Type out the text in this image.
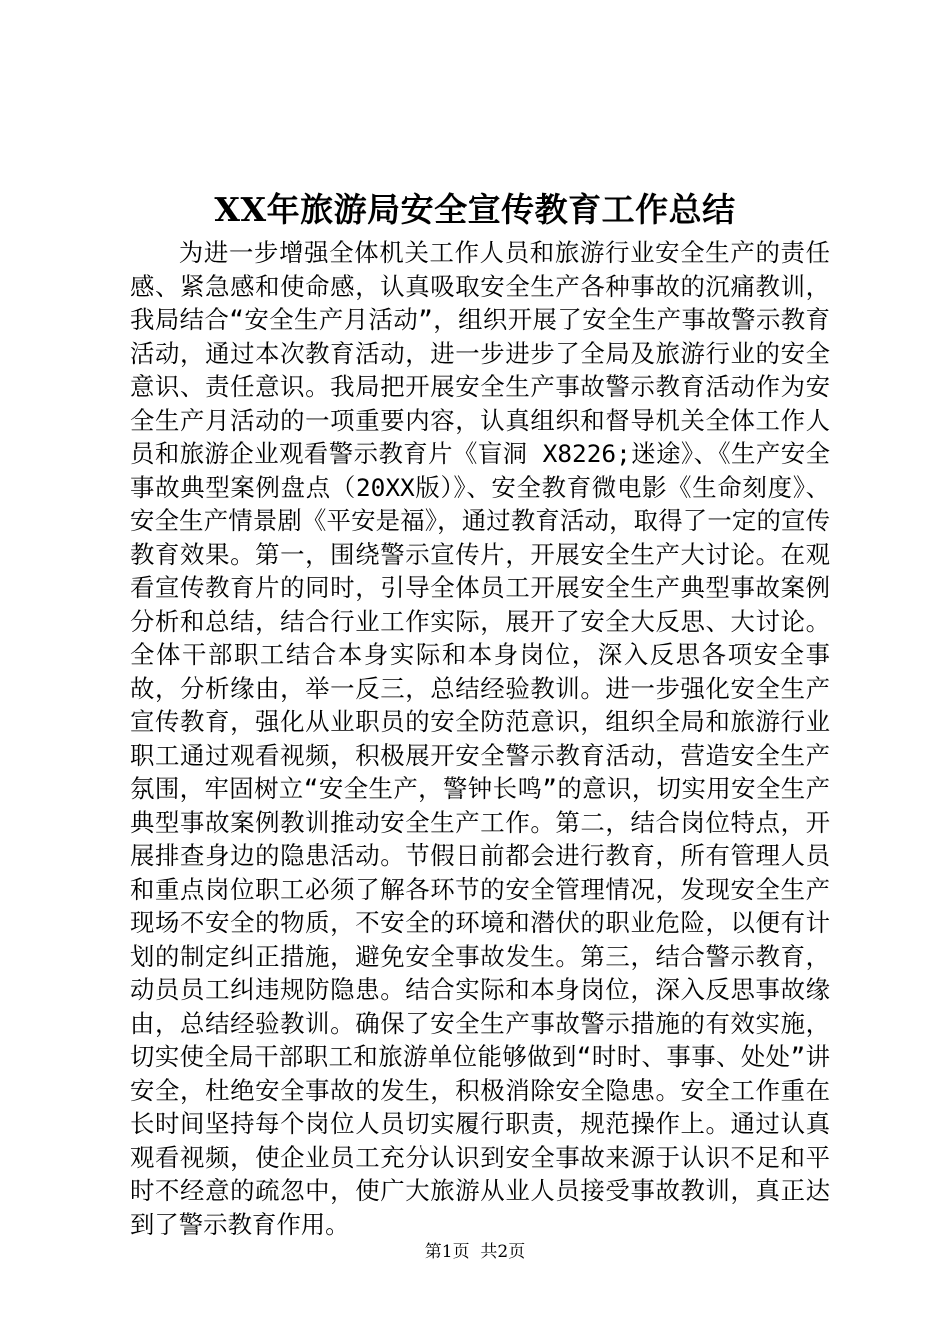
XX年旅游局安全宣传教育工作总结

为进一步增强全体机关工作人员和旅游行业安全生产的责任感、紧急感和使命感，认真吸取安全生产各种事故的沉痛教训，我局结合“安全生产月活动”，组织开展了安全生产事故警示教育活动，通过本次教育活动，进一步进步了全局及旅游行业的安全意识、责任意识。我局把开展安全生产事故警示教育活动作为安全生产月活动的一项重要内容，认真组织和督导机关全体工作人员和旅游企业观看警示教育片《盲洞 X8226;迷途》、《生产安全事故典型案例盘点（20XX版）》、安全教育微电影《生命刻度》、安全生产情景剧《平安是福》，通过教育活动，取得了一定的宣传教育效果。第一，围绕警示宣传片，开展安全生产大讨论。在观看宣传教育片的同时，引导全体员工开展安全生产典型事故案例分析和总结，结合行业工作实际，展开了安全大反思、大讨论。全体干部职工结合本身实际和本身岗位，深入反思各项安全事故，分析缘由，举一反三，总结经验教训。进一步强化安全生产宣传教育，强化从业职员的安全防范意识，组织全局和旅游行业职工通过观看视频，积极展开安全警示教育活动，营造安全生产氛围，牢固树立“安全生产，警钟长鸣”的意识，切实用安全生产典型事故案例教训推动安全生产工作。第二，结合岗位特点，开展排查身边的隐患活动。节假日前都会进行教育，所有管理人员和重点岗位职工必须了解各环节的安全管理情况，发现安全生产现场不安全的物质，不安全的环境和潜伏的职业危险，以便有计划的制定纠正措施，避免安全事故发生。第三，结合警示教育，动员员工纠违规防隐患。结合实际和本身岗位，深入反思事故缘由，总结经验教训。确保了安全生产事故警示措施的有效实施，切实使全局干部职工和旅游单位能够做到“时时、事事、处处”讲安全，杜绝安全事故的发生，积极消除安全隐患。安全工作重在长时间坚持每个岗位人员切实履行职责，规范操作上。通过认真观看视频，使企业员工充分认识到安全事故来源于认识不足和平时不经意的疏忽中，使广大旅游从业人员接受事故教训，真正达到了警示教育作用。

第1页 共2页
